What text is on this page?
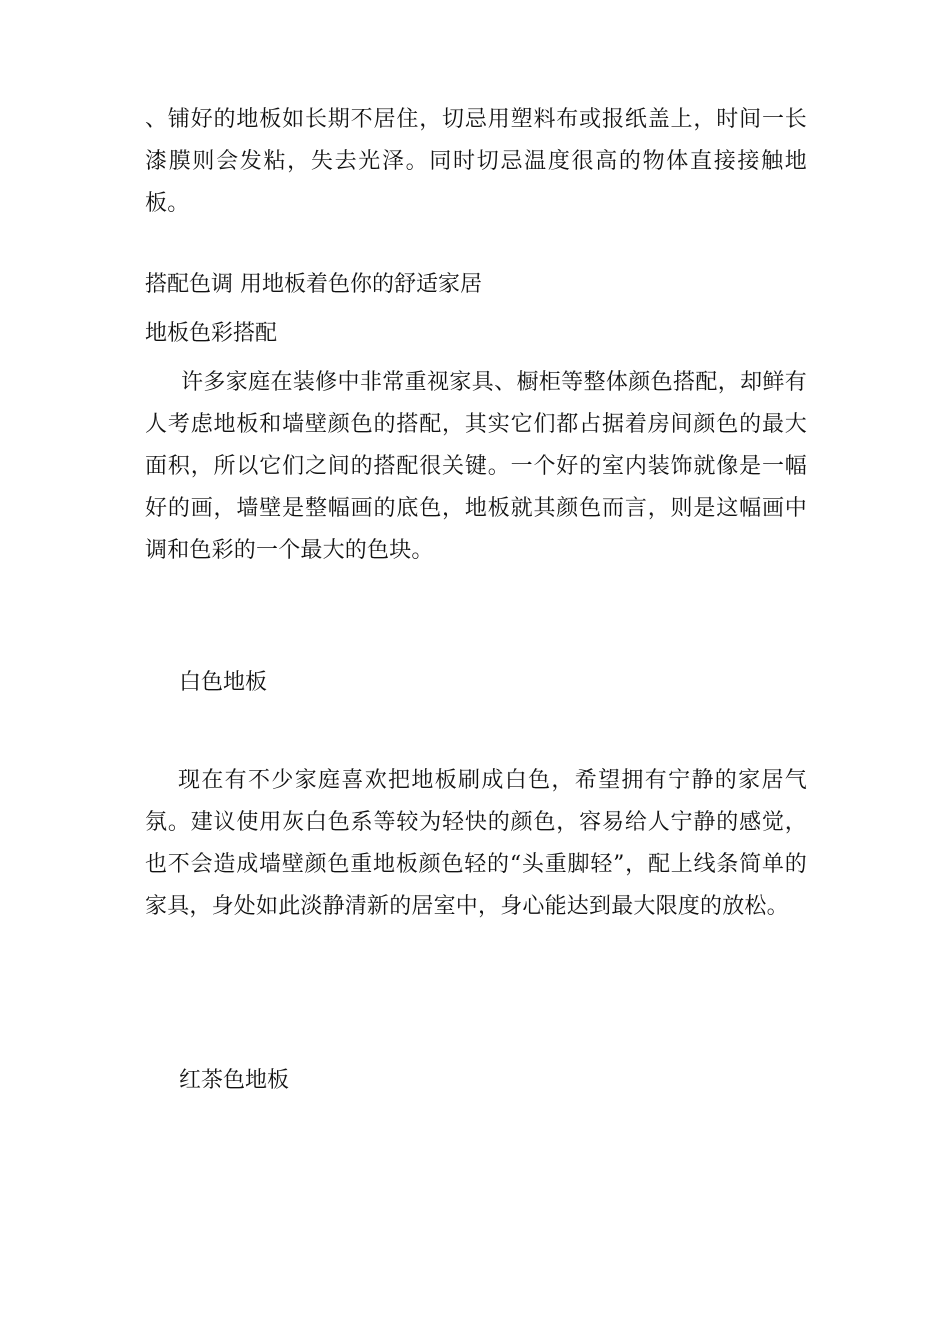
、铺好的地板如长期不居住，切忌用塑料布或报纸盖上，时间一长漆膜则会发粘，失去光泽。同时切忌温度很高的物体直接接触地板。

搭配色调 用地板着色你的舒适家居

地板色彩搭配

许多家庭在装修中非常重视家具、橱柜等整体颜色搭配，却鲜有人考虑地板和墙壁颜色的搭配，其实它们都占据着房间颜色的最大面积，所以它们之间的搭配很关键。一个好的室内装饰就像是一幅好的画，墙壁是整幅画的底色，地板就其颜色而言，则是这幅画中调和色彩的一个最大的色块。

白色地板

现在有不少家庭喜欢把地板刷成白色，希望拥有宁静的家居气氛。建议使用灰白色系等较为轻快的颜色，容易给人宁静的感觉，也不会造成墙壁颜色重地板颜色轻的“头重脚轻”，配上线条简单的家具，身处如此淡静清新的居室中，身心能达到最大限度的放松。

红茶色地板
